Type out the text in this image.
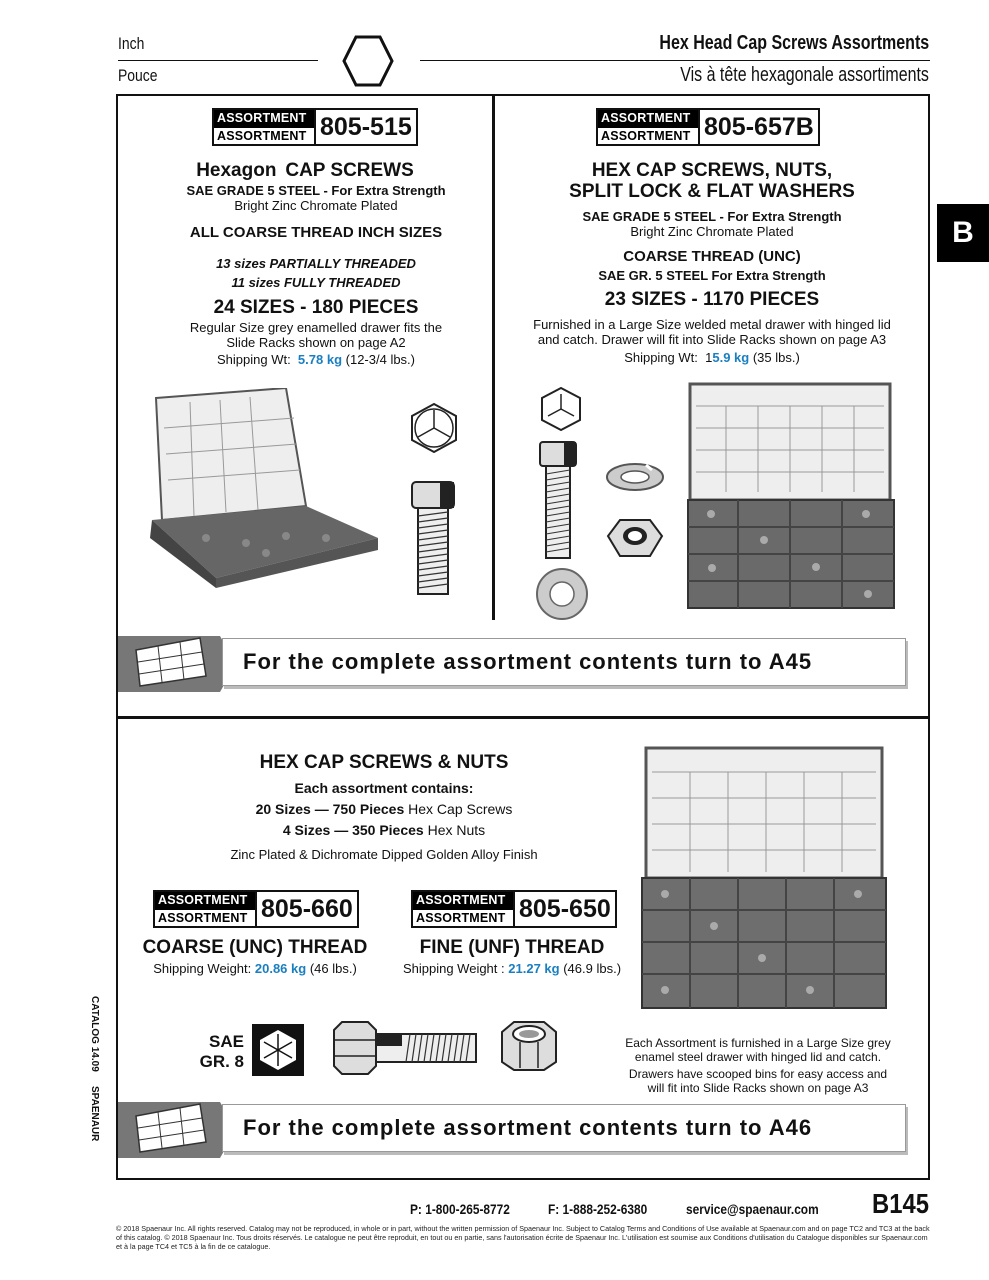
Inch
Pouce
Hex Head Cap Screws Assortments
Vis à tête hexagonale assortiments
B
ASSORTMENT
ASSORTMENT 805-515
Hexagon CAP SCREWS
SAE GRADE 5 STEEL - For Extra Strength
Bright Zinc Chromate Plated
ALL COARSE THREAD INCH SIZES
13 sizes PARTIALLY THREADED
11 sizes FULLY THREADED
24 SIZES - 180 PIECES
Regular Size grey enamelled drawer fits the
Slide Racks shown on page A2
Shipping Wt: 5.78 kg (12-3/4 lbs.)
ASSORTMENT
ASSORTMENT 805-657B
HEX CAP SCREWS, NUTS,
SPLIT LOCK & FLAT WASHERS
SAE GRADE 5 STEEL - For Extra Strength
Bright Zinc Chromate Plated
COARSE THREAD (UNC)
SAE GR. 5 STEEL For Extra Strength
23 SIZES - 1170 PIECES
Furnished in a Large Size welded metal drawer with hinged lid
and catch. Drawer will fit into Slide Racks shown on page A3
Shipping Wt: 15.9 kg (35 lbs.)
For the complete assortment contents turn to A45
HEX CAP SCREWS & NUTS
Each assortment contains:
20 Sizes — 750 Pieces Hex Cap Screws
4 Sizes — 350 Pieces Hex Nuts
Zinc Plated & Dichromate Dipped Golden Alloy Finish
ASSORTMENT
ASSORTMENT 805-660
COARSE (UNC) THREAD
Shipping Weight: 20.86 kg (46 lbs.)
ASSORTMENT
ASSORTMENT 805-650
FINE (UNF) THREAD
Shipping Weight : 21.27 kg (46.9 lbs.)
SAE
GR. 8
Each Assortment is furnished in a Large Size grey
enamel steel drawer with hinged lid and catch.
Drawers have scooped bins for easy access and
will fit into Slide Racks shown on page A3
For the complete assortment contents turn to A46
CATALOG 14.09
SPAENAUR
P: 1-800-265-8772	F: 1-888-252-6380	service@spaenaur.com B145
© 2018 Spaenaur Inc. All rights reserved. Catalog may not be reproduced, in whole or in part, without the written permission of Spaenaur Inc. Subject to Catalog Terms and Conditions of Use available at Spaenaur.com and on page TC2 and TC3 at the back of this catalog. © 2018 Spaenaur Inc. Tous droits réservés. Le catalogue ne peut être reproduit, en tout ou en partie, sans l'autorisation écrite de Spaenaur Inc. L'utilisation est soumise aux Conditions d'utilisation du Catalogue disponibles sur Spaenaur.com et à la page TC4 et TC5 à la fin de ce catalogue.
